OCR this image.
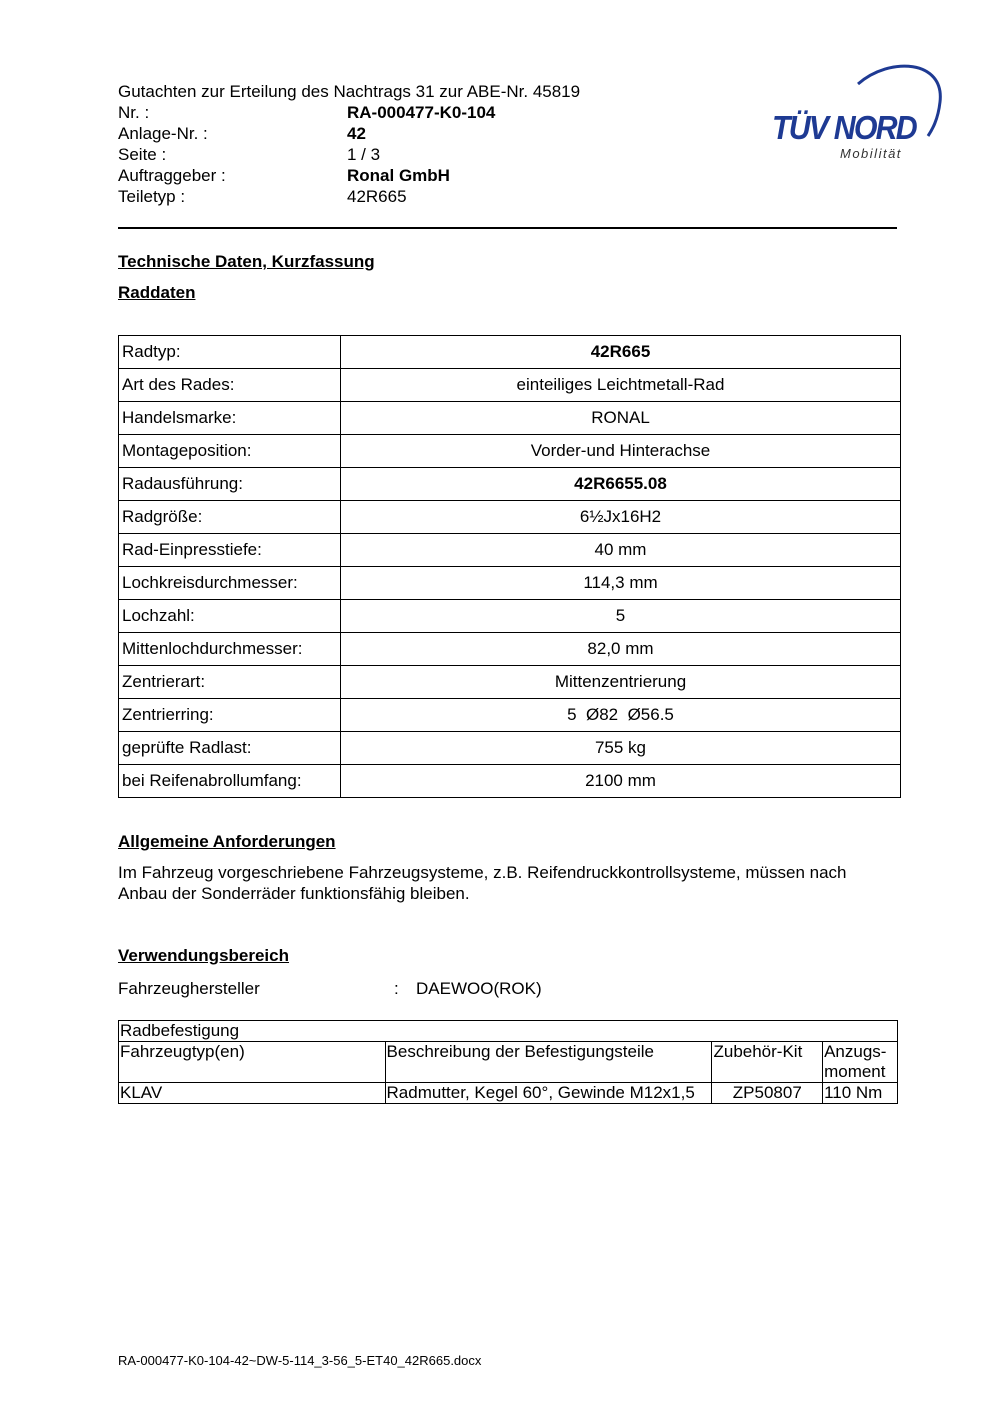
Gutachten zur Erteilung des Nachtrags 31 zur ABE-Nr. 45819
Nr. :	RA-000477-K0-104
Anlage-Nr. :	42
Seite :	1 / 3
Auftraggeber :	Ronal GmbH
Teiletyp :	42R665
TÜV NORD
Mobilität
Technische Daten, Kurzfassung
Raddaten
Radtyp:	42R665
Art des Rades:	einteiliges Leichtmetall-Rad
Handelsmarke:	RONAL
Montageposition:	Vorder-und Hinterachse
Radausführung:	42R6655.08
Radgröße:	6½Jx16H2
Rad-Einpresstiefe:	40 mm
Lochkreisdurchmesser:	114,3 mm
Lochzahl:	5
Mittenlochdurchmesser:	82,0 mm
Zentrierart:	Mittenzentrierung
Zentrierring:	5  Ø82  Ø56.5
geprüfte Radlast:	755 kg
bei Reifenabrollumfang:	2100 mm
Allgemeine Anforderungen
Im Fahrzeug vorgeschriebene Fahrzeugsysteme, z.B. Reifendruckkontrollsysteme, müssen nach Anbau der Sonderräder funktionsfähig bleiben.
Verwendungsbereich
Fahrzeughersteller	:	DAEWOO(ROK)
Radbefestigung			
Fahrzeugtyp(en)	Beschreibung der Befestigungsteile	Zubehör-Kit	Anzugs-moment
KLAV	Radmutter, Kegel 60°, Gewinde M12x1,5	ZP50807	110 Nm
RA-000477-K0-104-42~DW-5-114_3-56_5-ET40_42R665.docx
